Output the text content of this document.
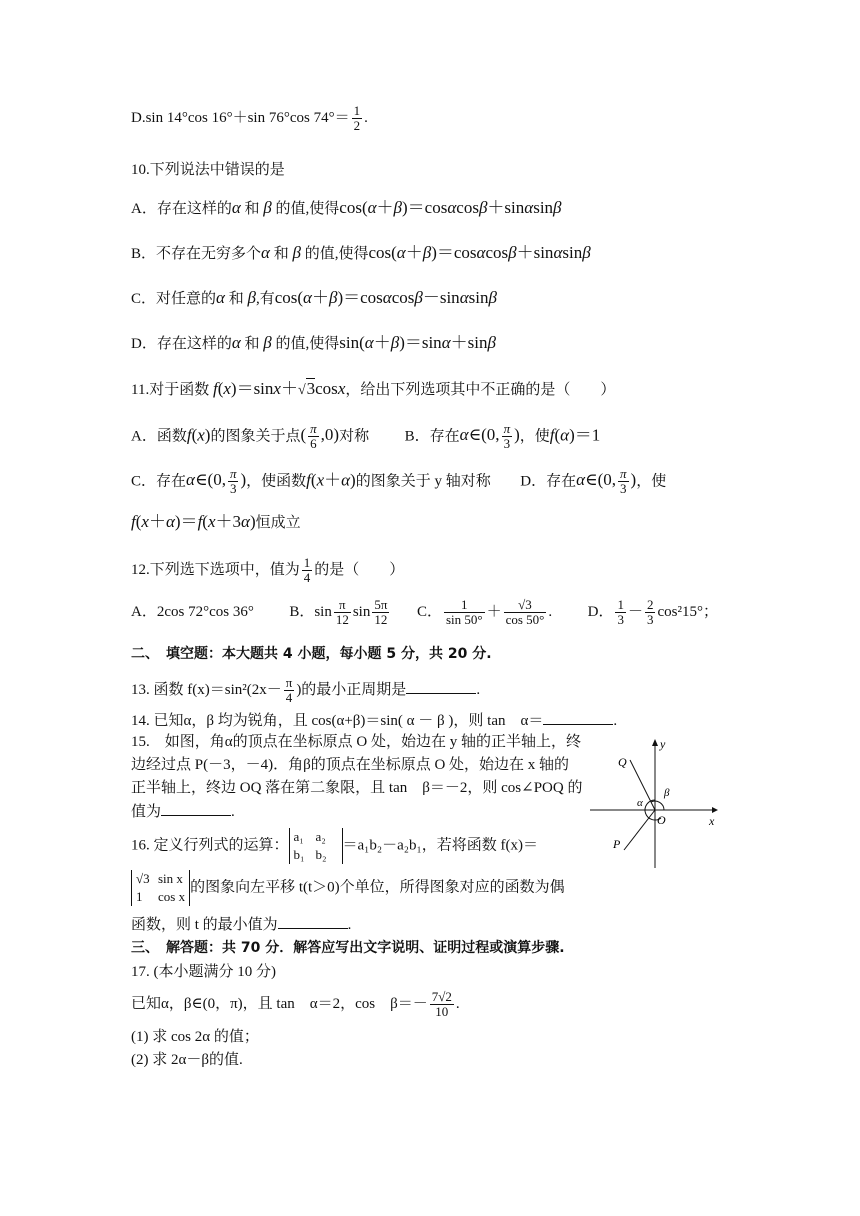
D.sin 14°cos 16°＋sin 76°cos $74^\circ= \frac{1}{2}$ .
10.下列说法中错误的是
A．存在这样的α 和 β 的值,使得cos(α＋β)＝cosαcosβ＋sinαsinβ
B．不存在无穷多个α 和 β 的值,使得cos(α＋β)＝cosαcosβ＋sinαsinβ
C．对任意的α 和 β,有cos(α＋β)＝cosαcosβ－sinαsinβ
D．存在这样的α 和 β 的值,使得sin(α＋β)＝sinα＋sinβ
11.对于函数 f(x)＝sinx＋√3cosx，给出下列选项其中不正确的是（　　）
A．函数f(x)的图象关于点( $\frac{\pi}{6} ,0$)对称 B．存在α∈(0, $\frac{\pi}{3}$ )，使f(α)＝1
C．存在α∈(0, $\frac{\pi}{3}$ )，使函数f(x＋α)的图象关于 y 轴对称 D．存在α∈(0, $\frac{\pi}{3}$ )，使
f(x＋α)＝f(x＋3α)恒成立
12.下列选下选项中，值为 $\frac{1}{4}$ 的是（　　）
A．2cos 72°cos 36° B．$\sin \frac{\pi}{12}$ $\sin \frac{5\pi}{12}$ C． $\frac{1}{\sin 50^\circ} + \frac{√3}{\cos 50^\circ}$ . D． $\frac{1}{3} - \frac{2}{3} \cos^215^\circ$；
二、　填空题：本大题共 4 小题，每小题 5 分，共 20 分.
13. 函数 $f(x)=\sin^2(2x- \frac{\pi}{4}$ )的最小正周期是	.
14. 已知α，β 均为锐角，且 cos(α+β)＝sin( α － β )，则 tan　α＝	.
15.　如图，角α的顶点在坐标原点 O 处，始边在 y 轴的正半轴上，终
边经过点 P(－3，－4)．角β的顶点在坐标原点 O 处，始边在 x 轴的
正半轴上，终边 OQ 落在第二象限，且 tan　β＝－2，则 cos∠POQ 的
值为	.
y
x
O
Q
P
α
β
16. 定义行列式的运算：
a₁ a₂
b₁ b₂
＝a₁b₂－a₂b₁，若将函数 f(x)＝
√3 sin x
1 cos x
的图象向左平移 t(t＞0)个单位，所得图象对应的函数为偶
函数，则 t 的最小值为	.
三、　解答题：共 70 分．解答应写出文字说明、证明过程或演算步骤.
17. (本小题满分 10 分)
已知α，β∈(0，π)，且 tan　α＝2，cos　$\beta=- \frac{7√2}{10}$ .
(1) 求 cos 2α 的值；
(2) 求 2α－β的值.
